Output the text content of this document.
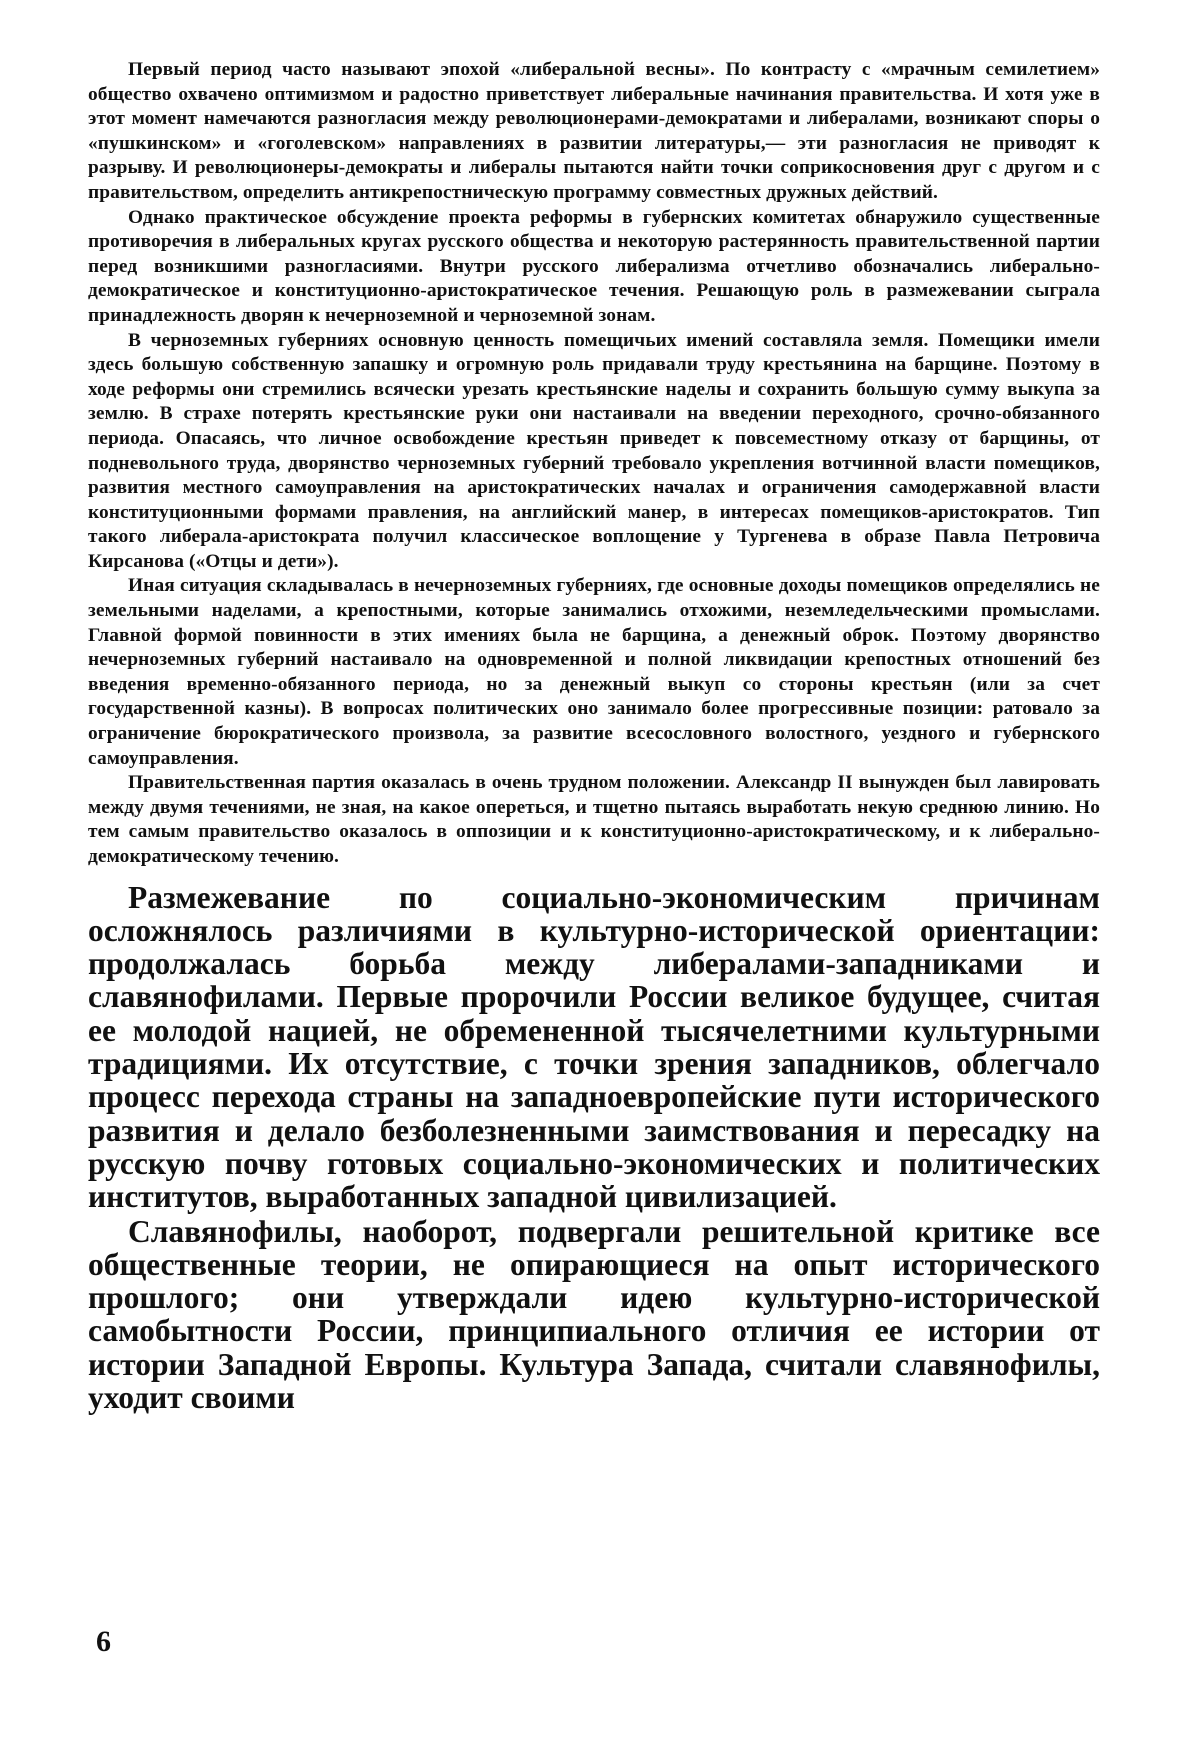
Первый период часто называют эпохой «либеральной весны». По контрасту с «мрачным семилетием» общество охвачено оптимизмом и радостно приветствует либеральные начинания правительства. И хотя уже в этот момент намечаются разногласия между революционерами-демократами и либералами, возникают споры о «пушкинском» и «гоголевском» направлениях в развитии литературы,— эти разногласия не приводят к разрыву. И революционеры-демократы и либералы пытаются найти точки соприкосновения друг с другом и с правительством, определить антикрепостническую программу совместных дружных действий.

Однако практическое обсуждение проекта реформы в губернских комитетах обнаружило существенные противоречия в либеральных кругах русского общества и некоторую растерянность правительственной партии перед возникшими разногласиями. Внутри русского либерализма отчетливо обозначались либерально-демократическое и конституционно-аристократическое течения. Решающую роль в размежевании сыграла принадлежность дворян к нечерноземной и черноземной зонам.

В черноземных губерниях основную ценность помещичьих имений составляла земля. Помещики имели здесь большую собственную запашку и огромную роль придавали труду крестьянина на барщине. Поэтому в ходе реформы они стремились всячески урезать крестьянские наделы и сохранить большую сумму выкупа за землю. В страхе потерять крестьянские руки они настаивали на введении переходного, срочно-обязанного периода. Опасаясь, что личное освобождение крестьян приведет к повсеместному отказу от барщины, от подневольного труда, дворянство черноземных губерний требовало укрепления вотчинной власти помещиков, развития местного самоуправления на аристократических началах и ограничения самодержавной власти конституционными формами правления, на английский манер, в интересах помещиков-аристократов. Тип такого либерала-аристократа получил классическое воплощение у Тургенева в образе Павла Петровича Кирсанова («Отцы и дети»).

Иная ситуация складывалась в нечерноземных губерниях, где основные доходы помещиков определялись не земельными наделами, а крепостными, которые занимались отхожими, неземледельческими промыслами. Главной формой повинности в этих имениях была не барщина, а денежный оброк. Поэтому дворянство нечерноземных губерний настаивало на одновременной и полной ликвидации крепостных отношений без введения временно-обязанного периода, но за денежный выкуп со стороны крестьян (или за счет государственной казны). В вопросах политических оно занимало более прогрессивные позиции: ратовало за ограничение бюрократического произвола, за развитие всесословного волостного, уездного и губернского самоуправления.

Правительственная партия оказалась в очень трудном положении. Александр II вынужден был лавировать между двумя течениями, не зная, на какое опереться, и тщетно пытаясь выработать некую среднюю линию. Но тем самым правительство оказалось в оппозиции и к конституционно-аристократическому, и к либерально-демократическому течению.

Размежевание по социально-экономическим причинам осложнялось различиями в культурно-исторической ориентации: продолжалась борьба между либералами-западниками и славянофилами. Первые пророчили России великое будущее, считая ее молодой нацией, не обремененной тысячелетними культурными традициями. Их отсутствие, с точки зрения западников, облегчало процесс перехода страны на западноевропейские пути исторического развития и делало безболезненными заимствования и пересадку на русскую почву готовых социально-экономических и политических институтов, выработанных западной цивилизацией.

Славянофилы, наоборот, подвергали решительной критике все общественные теории, не опирающиеся на опыт исторического прошлого; они утверждали идею культурно-исторической самобытности России, принципиального отличия ее истории от истории Западной Европы. Культура Запада, считали славянофилы, уходит своими

6
